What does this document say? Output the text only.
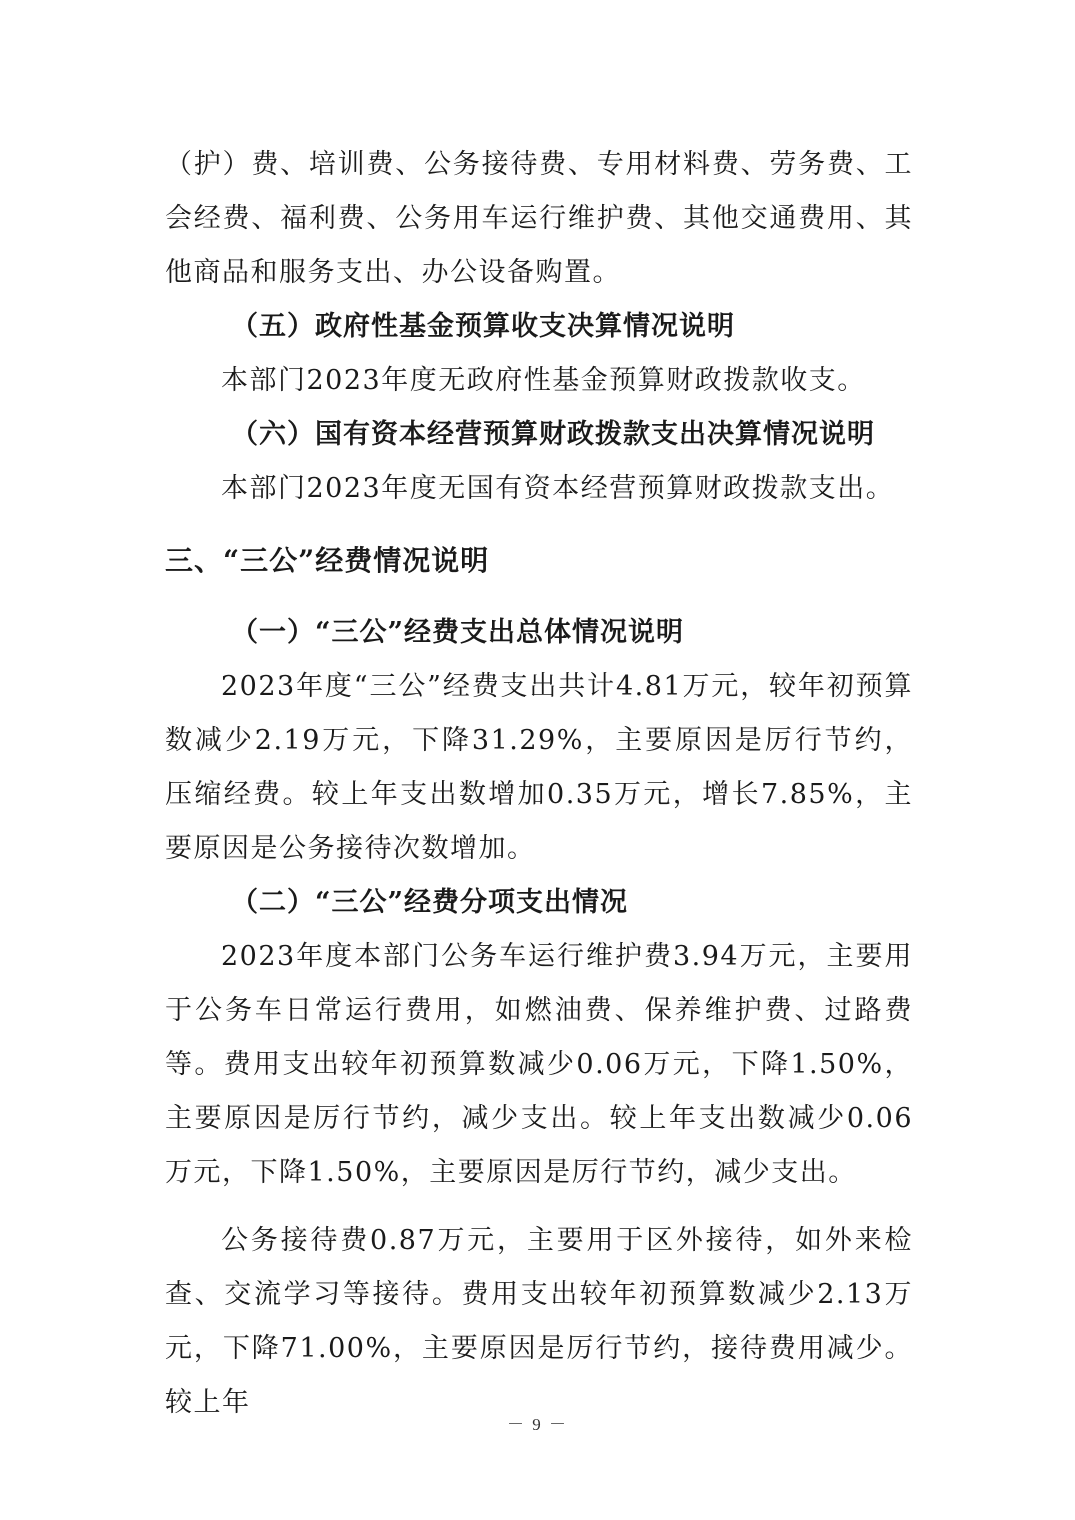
（护）费、培训费、公务接待费、专用材料费、劳务费、工会经费、福利费、公务用车运行维护费、其他交通费用、其他商品和服务支出、办公设备购置。

（五）政府性基金预算收支决算情况说明

本部门2023年度无政府性基金预算财政拨款收支。

（六）国有资本经营预算财政拨款支出决算情况说明

本部门2023年度无国有资本经营预算财政拨款支出。

三、“三公”经费情况说明

（一）“三公”经费支出总体情况说明

2023年度“三公”经费支出共计4.81万元，较年初预算数减少2.19万元，下降31.29%，主要原因是厉行节约，压缩经费。较上年支出数增加0.35万元，增长7.85%，主要原因是公务接待次数增加。

（二）“三公”经费分项支出情况

2023年度本部门公务车运行维护费3.94万元，主要用于公务车日常运行费用，如燃油费、保养维护费、过路费等。费用支出较年初预算数减少0.06万元，下降1.50%，主要原因是厉行节约，减少支出。较上年支出数减少0.06万元，下降1.50%，主要原因是厉行节约，减少支出。

公务接待费0.87万元，主要用于区外接待，如外来检查、交流学习等接待。费用支出较年初预算数减少2.13万元，下降71.00%，主要原因是厉行节约，接待费用减少。较上年

－ 9 －
